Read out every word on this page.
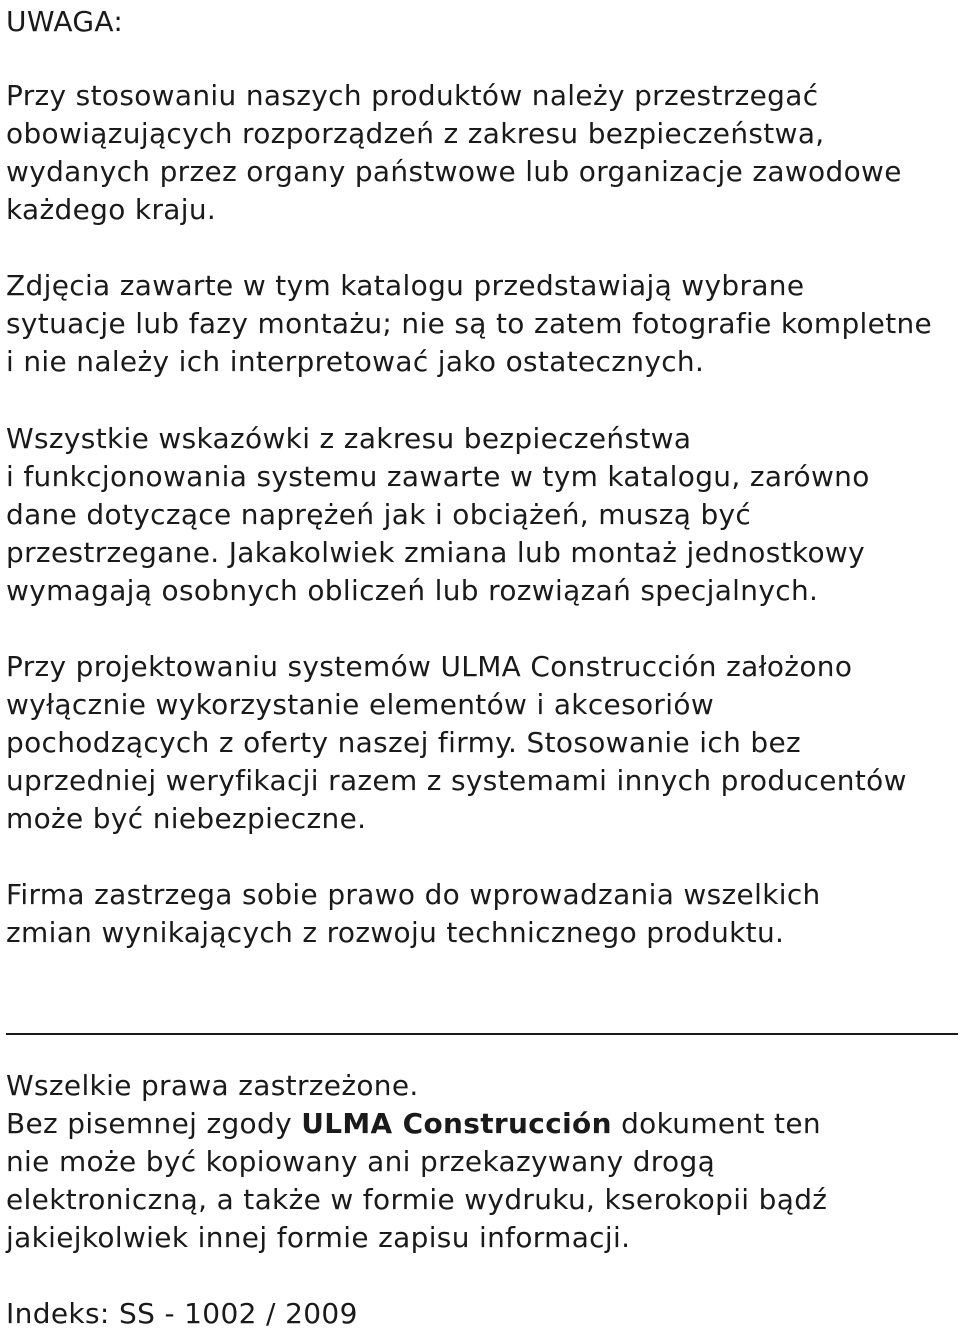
UWAGA:

Przy stosowaniu naszych produktów należy przestrzegać
obowiązujących rozporządzeń z zakresu bezpieczeństwa,
wydanych przez organy państwowe lub organizacje zawodowe
każdego kraju.

Zdjęcia zawarte w tym katalogu przedstawiają wybrane
sytuacje lub fazy montażu; nie są to zatem fotografie kompletne
i nie należy ich interpretować jako ostatecznych.

Wszystkie wskazówki z zakresu bezpieczeństwa
i funkcjonowania systemu zawarte w tym katalogu, zarówno
dane dotyczące naprężeń jak i obciążeń, muszą być
przestrzegane. Jakakolwiek zmiana lub montaż jednostkowy
wymagają osobnych obliczeń lub rozwiązań specjalnych.

Przy projektowaniu systemów ULMA Construcción założono
wyłącznie wykorzystanie elementów i akcesoriów
pochodzących z oferty naszej firmy. Stosowanie ich bez
uprzedniej weryfikacji razem z systemami innych producentów
może być niebezpieczne.

Firma zastrzega sobie prawo do wprowadzania wszelkich
zmian wynikających z rozwoju technicznego produktu.

Wszelkie prawa zastrzeżone.
Bez pisemnej zgody ULMA Construcción dokument ten
nie może być kopiowany ani przekazywany drogą
elektroniczną, a także w formie wydruku, kserokopii bądź
jakiejkolwiek innej formie zapisu informacji.

Indeks: SS - 1002 / 2009
